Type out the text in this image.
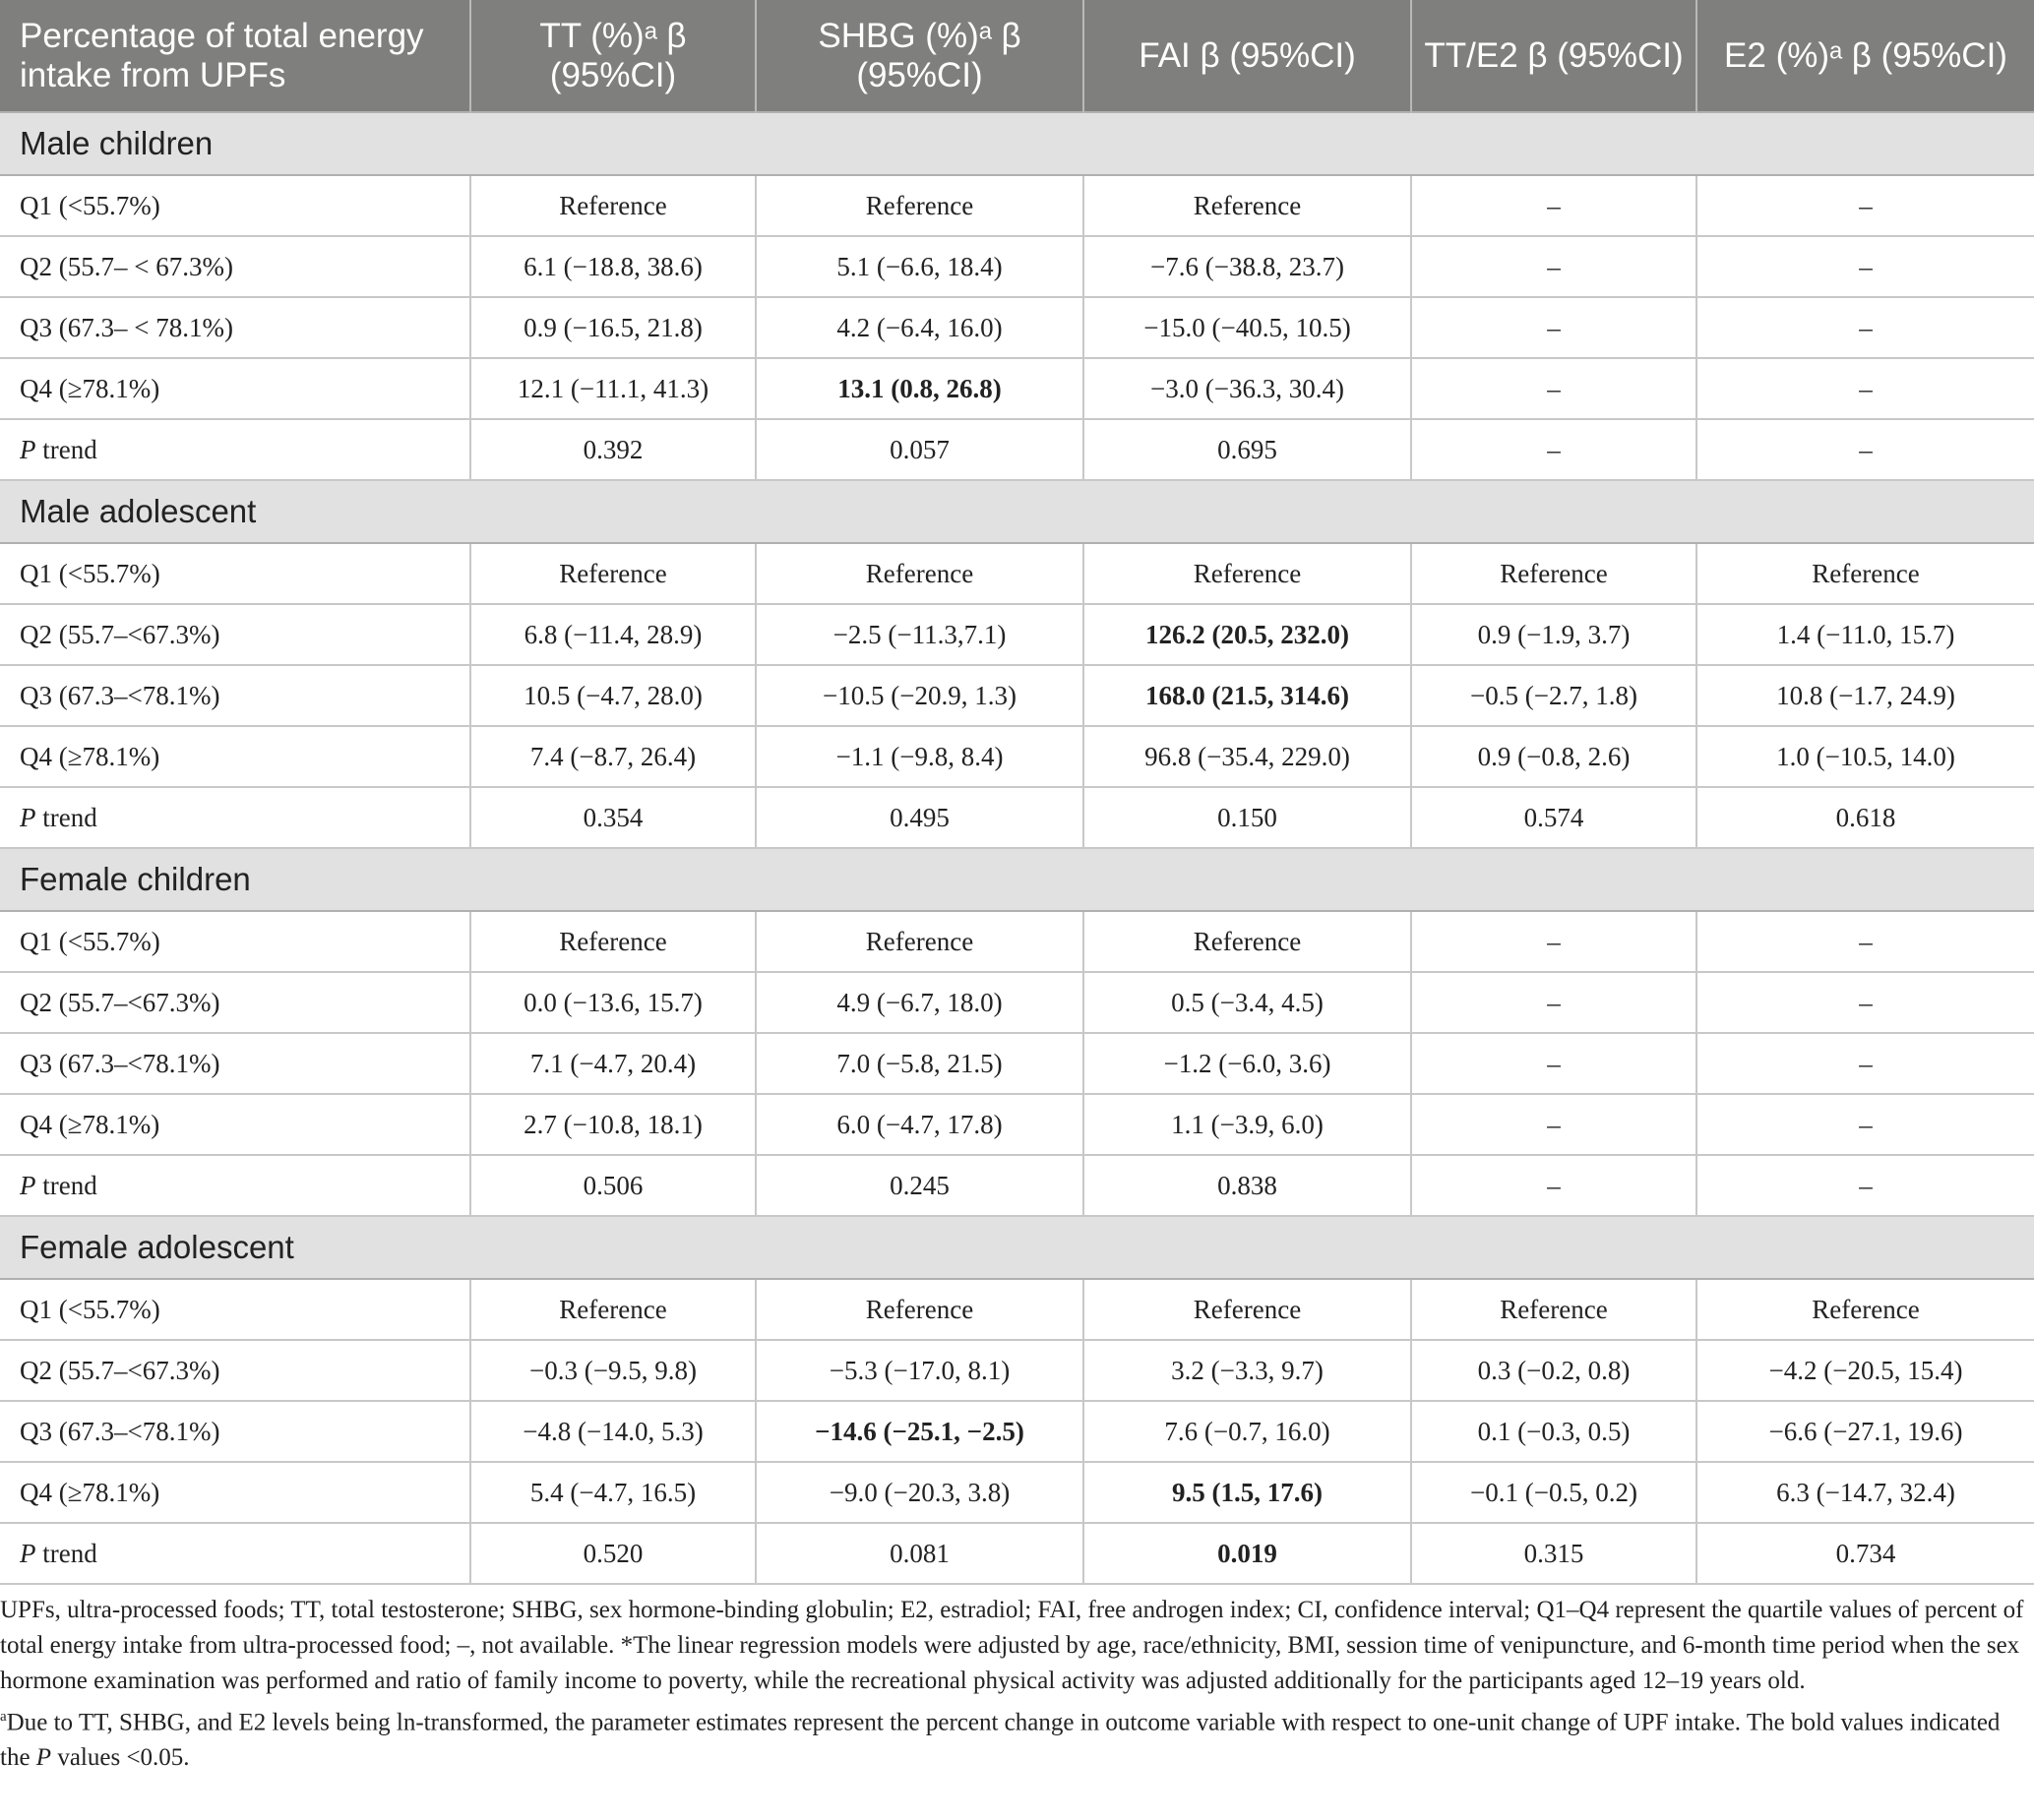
Percentage of total energy intake from UPFs	TT (%)ᵃ β (95%CI)	SHBG (%)ᵃ β (95%CI)	FAI β (95%CI)	TT/E2 β (95%CI)	E2 (%)ᵃ β (95%CI)
Male children					
Q1 (<55.7%)	Reference	Reference	Reference	–	–
Q2 (55.7– < 67.3%)	6.1 (−18.8, 38.6)	5.1 (−6.6, 18.4)	−7.6 (−38.8, 23.7)	–	–
Q3 (67.3– < 78.1%)	0.9 (−16.5, 21.8)	4.2 (−6.4, 16.0)	−15.0 (−40.5, 10.5)	–	–
Q4 (≥78.1%)	12.1 (−11.1, 41.3)	13.1 (0.8, 26.8)	−3.0 (−36.3, 30.4)	–	–
P trend	0.392	0.057	0.695	–	–
Male adolescent					
Q1 (<55.7%)	Reference	Reference	Reference	Reference	Reference
Q2 (55.7–<67.3%)	6.8 (−11.4, 28.9)	−2.5 (−11.3,7.1)	126.2 (20.5, 232.0)	0.9 (−1.9, 3.7)	1.4 (−11.0, 15.7)
Q3 (67.3–<78.1%)	10.5 (−4.7, 28.0)	−10.5 (−20.9, 1.3)	168.0 (21.5, 314.6)	−0.5 (−2.7, 1.8)	10.8 (−1.7, 24.9)
Q4 (≥78.1%)	7.4 (−8.7, 26.4)	−1.1 (−9.8, 8.4)	96.8 (−35.4, 229.0)	0.9 (−0.8, 2.6)	1.0 (−10.5, 14.0)
P trend	0.354	0.495	0.150	0.574	0.618
Female children					
Q1 (<55.7%)	Reference	Reference	Reference	–	–
Q2 (55.7–<67.3%)	0.0 (−13.6, 15.7)	4.9 (−6.7, 18.0)	0.5 (−3.4, 4.5)	–	–
Q3 (67.3–<78.1%)	7.1 (−4.7, 20.4)	7.0 (−5.8, 21.5)	−1.2 (−6.0, 3.6)	–	–
Q4 (≥78.1%)	2.7 (−10.8, 18.1)	6.0 (−4.7, 17.8)	1.1 (−3.9, 6.0)	–	–
P trend	0.506	0.245	0.838	–	–
Female adolescent					
Q1 (<55.7%)	Reference	Reference	Reference	Reference	Reference
Q2 (55.7–<67.3%)	−0.3 (−9.5, 9.8)	−5.3 (−17.0, 8.1)	3.2 (−3.3, 9.7)	0.3 (−0.2, 0.8)	−4.2 (−20.5, 15.4)
Q3 (67.3–<78.1%)	−4.8 (−14.0, 5.3)	−14.6 (−25.1, −2.5)	7.6 (−0.7, 16.0)	0.1 (−0.3, 0.5)	−6.6 (−27.1, 19.6)
Q4 (≥78.1%)	5.4 (−4.7, 16.5)	−9.0 (−20.3, 3.8)	9.5 (1.5, 17.6)	−0.1 (−0.5, 0.2)	6.3 (−14.7, 32.4)
P trend	0.520	0.081	0.019	0.315	0.734

UPFs, ultra-processed foods; TT, total testosterone; SHBG, sex hormone-binding globulin; E2, estradiol; FAI, free androgen index; CI, confidence interval; Q1–Q4 represent the quartile values of percent of total energy intake from ultra-processed food; –, not available. *The linear regression models were adjusted by age, race/ethnicity, BMI, session time of venipuncture, and 6-month time period when the sex hormone examination was performed and ratio of family income to poverty, while the recreational physical activity was adjusted additionally for the participants aged 12–19 years old.

$^a$Due to TT, SHBG, and E2 levels being ln-transformed, the parameter estimates represent the percent change in outcome variable with respect to one-unit change of UPF intake. The bold values indicated the P values <0.05.
